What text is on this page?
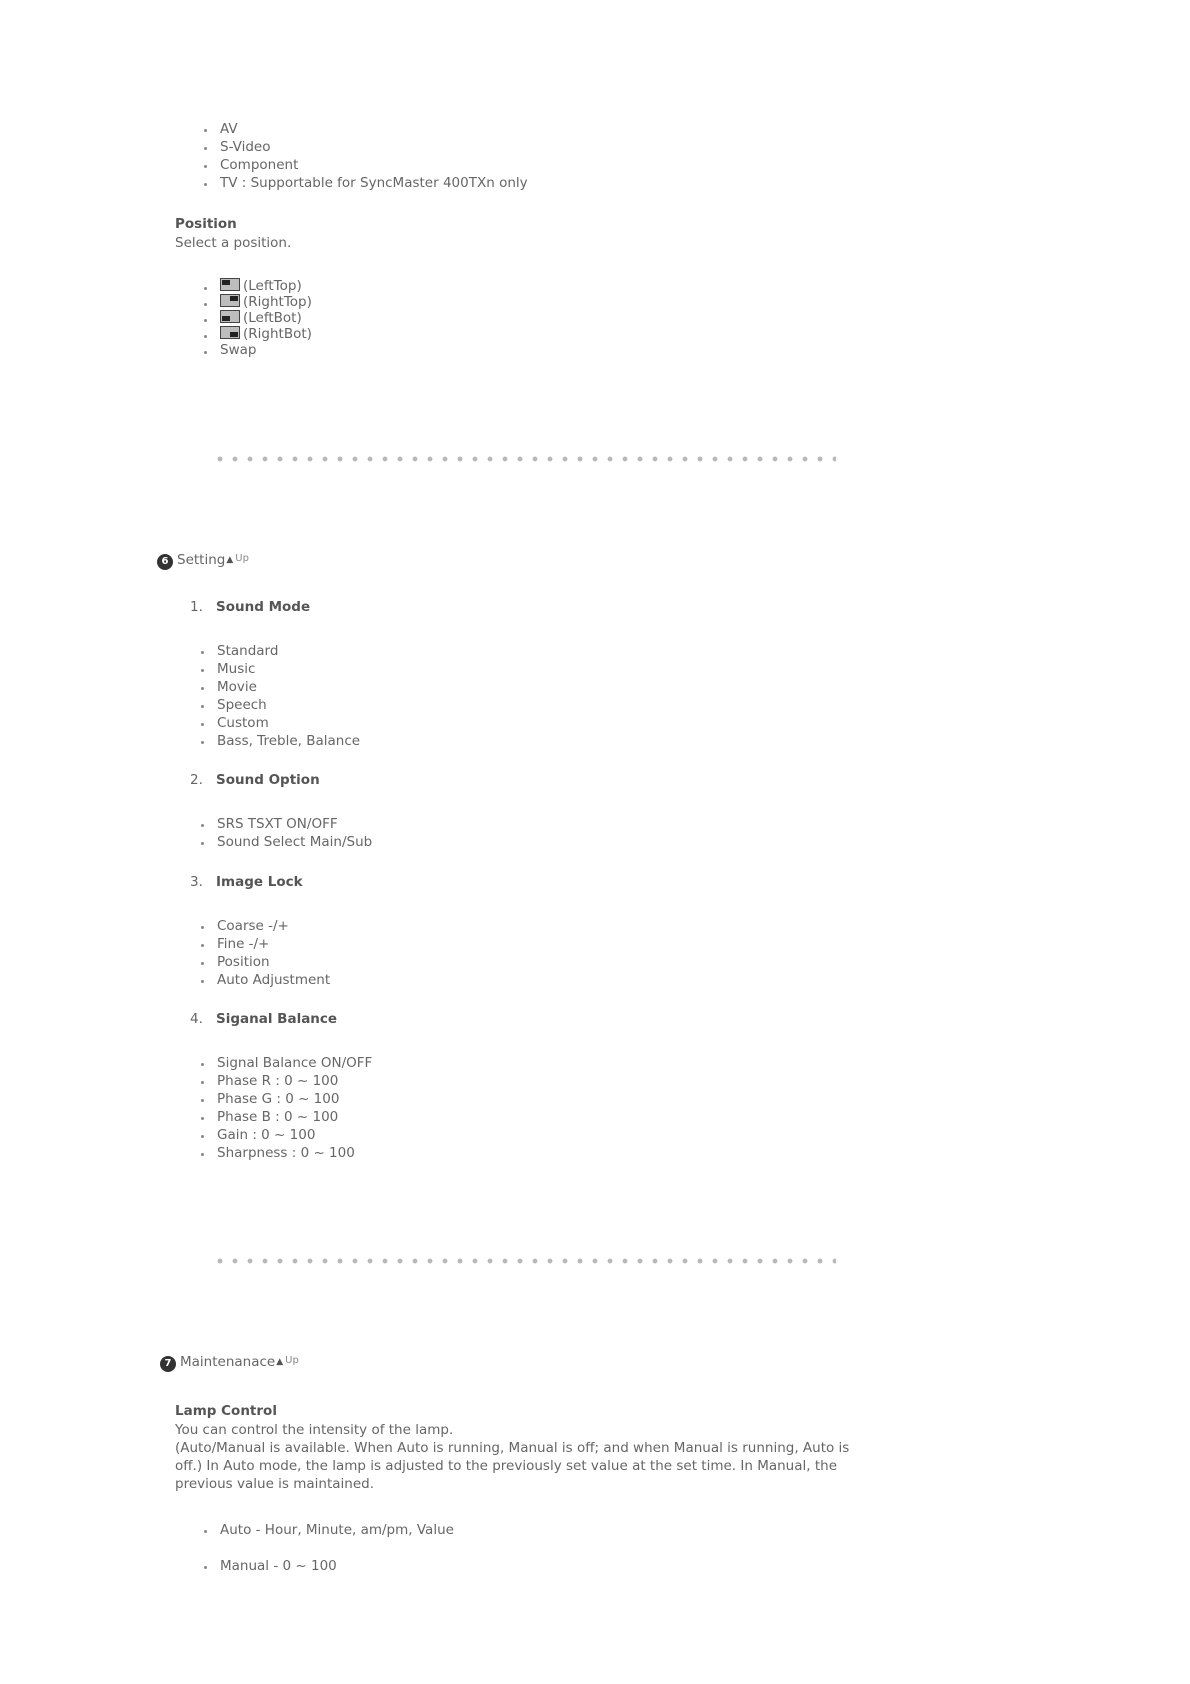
AV
S-Video
Component
TV : Supportable for SyncMaster 400TXn only
Position
Select a position.
(LeftTop)
(RightTop)
(LeftBot)
(RightBot)
Swap
6 Setting▲ $^{Up}$
1. Sound Mode
Standard
Music
Movie
Speech
Custom
Bass, Treble, Balance
2. Sound Option
SRS TSXT ON/OFF
Sound Select Main/Sub
3. Image Lock
Coarse -/+
Fine -/+
Position
Auto Adjustment
4. Siganal Balance
Signal Balance ON/OFF
Phase R : 0 ~ 100
Phase G : 0 ~ 100
Phase B : 0 ~ 100
Gain : 0 ~ 100
Sharpness : 0 ~ 100
7 Maintenanace▲ $^{Up}$
Lamp Control
You can control the intensity of the lamp.
(Auto/Manual is available. When Auto is running, Manual is off; and when Manual is running, Auto is
off.) In Auto mode, the lamp is adjusted to the previously set value at the set time. In Manual, the
previous value is maintained.
Auto - Hour, Minute, am/pm, Value
Manual - 0 ~ 100
